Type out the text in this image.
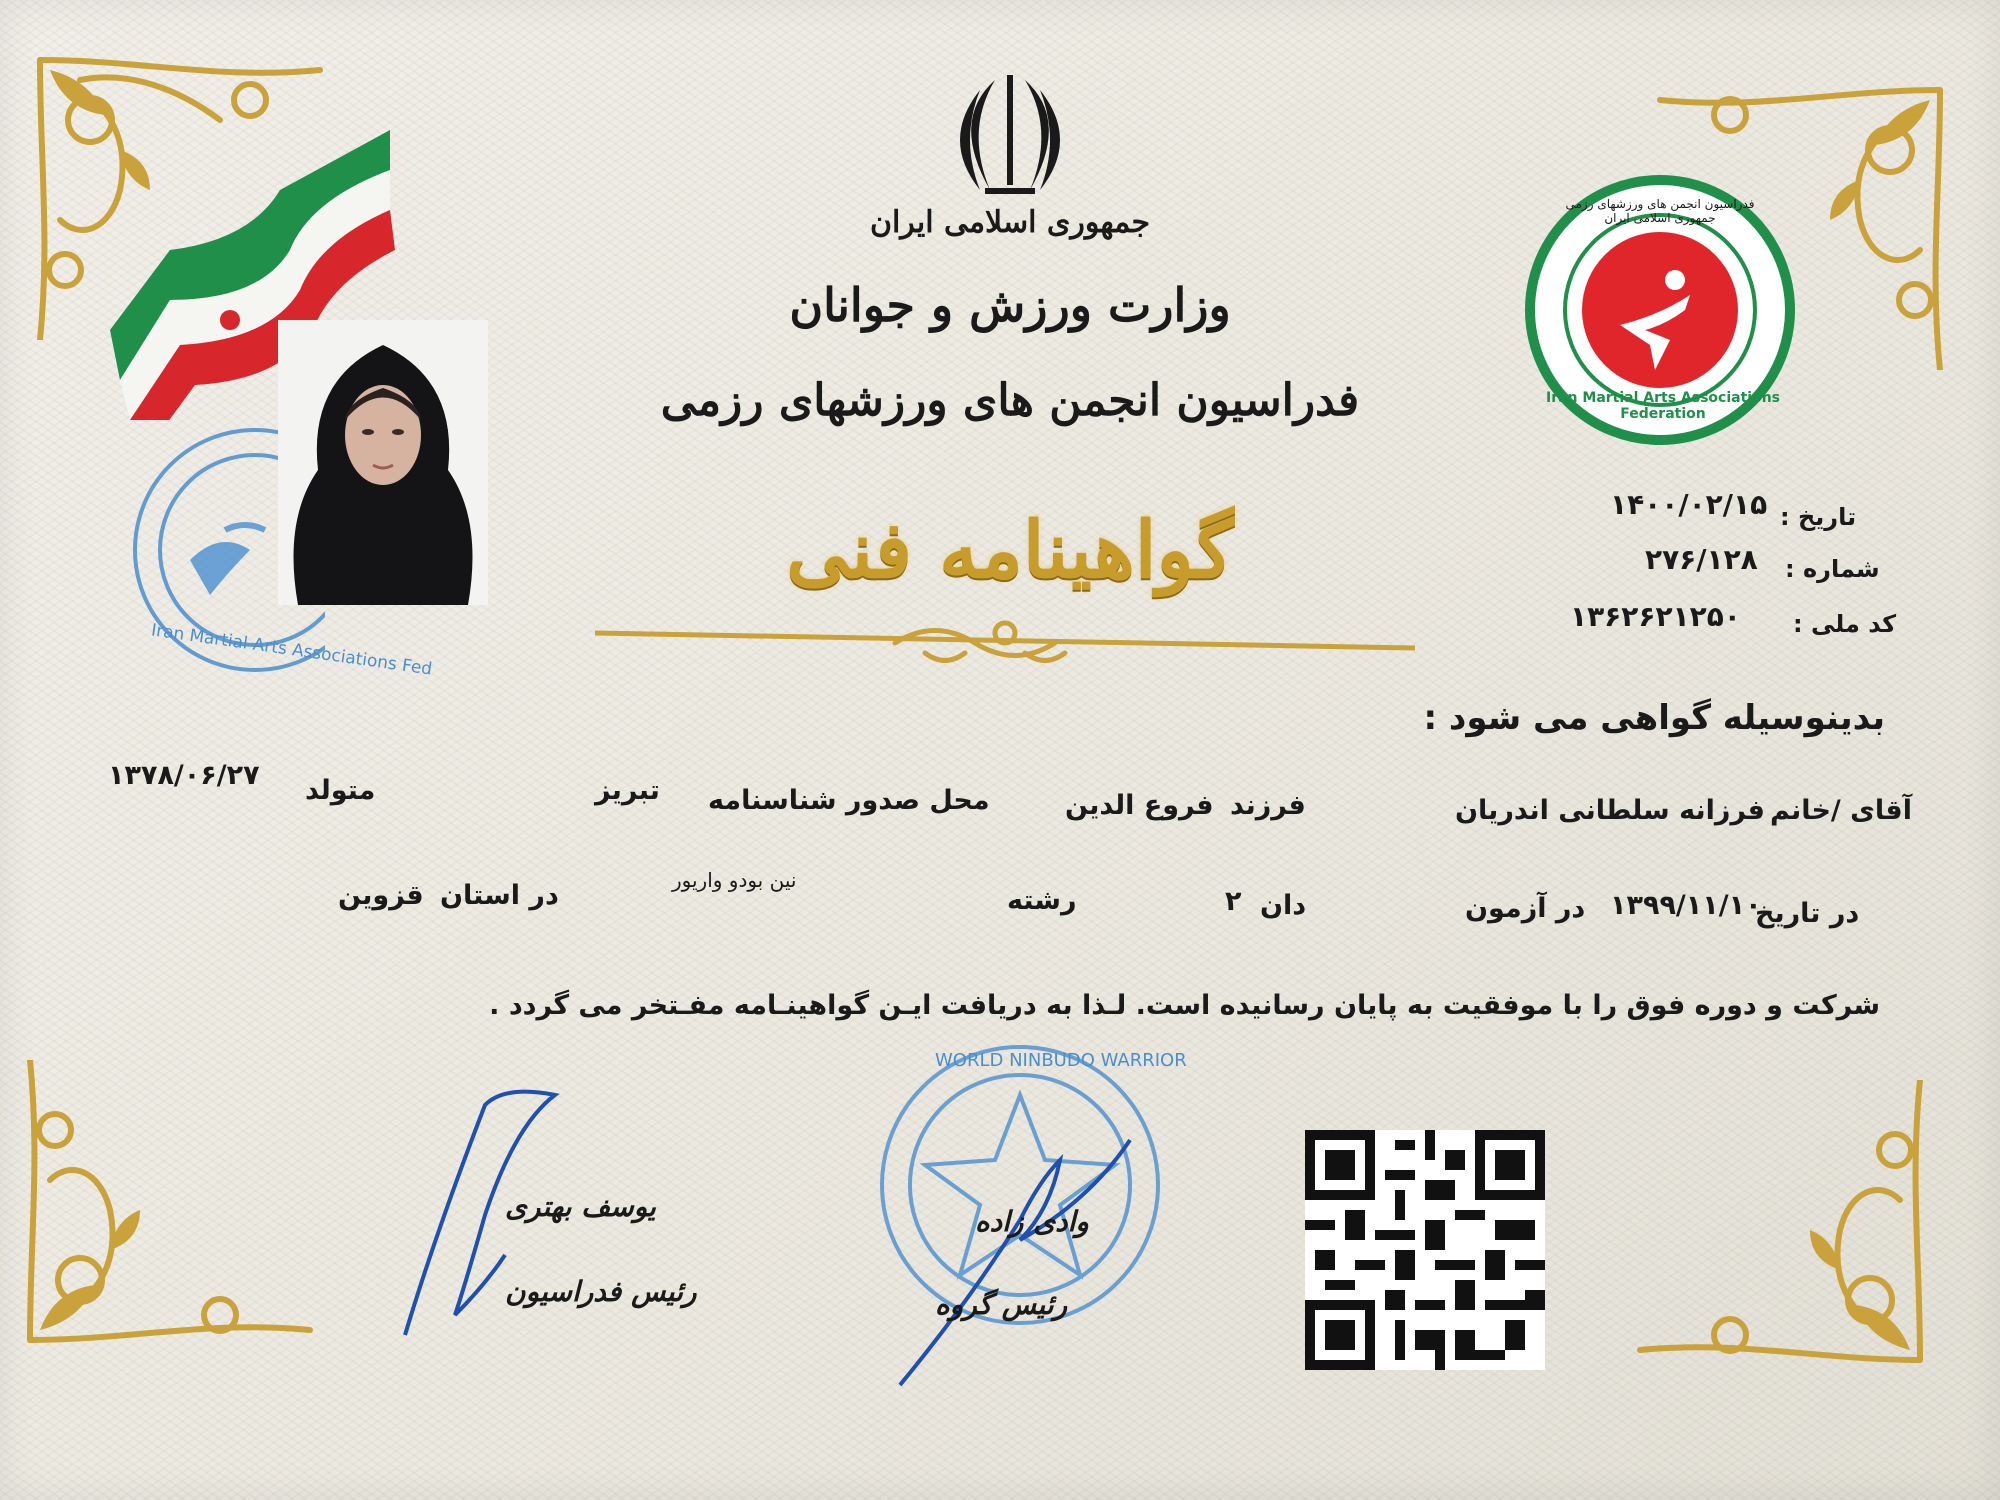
Iran Martial Arts Associations Fed
جمهوری اسلامی ایران
وزارت ورزش و جوانان
فدراسیون انجمن های ورزشهای رزمی	Iran Martial Arts Associations Federation
فدراسیون انجمن های ورزشهای رزمی جمهوری اسلامی ایران
تاریخ :
۱۴۰۰/۰۲/۱۵
شماره :
۲۷۶/۱۲۸
کد ملی :
۱۳۶۲۶۲۱۲۵۰
گواهینامه فنی
بدینوسیله گواهی می شود :
آقای /خانم
فرزانه سلطانی اندریان
فرزند
فروع الدین
محل صدور شناسنامه
تبریز
متولد
۱۳۷۸/۰۶/۲۷
در تاریخ
۱۳۹۹/۱۱/۱۰
در آزمون
دان
۲
رشته
نین بودو واریور
در استان
قزوین
شرکت و دوره فوق را با موفقیت به پایان رسانیده است. لـذا به دریافت ایـن گواهینـامه مفـتخر می گردد .
یوسف بهتری
رئیس فدراسیون
WORLD NINBUDO WARRIOR
وادی زاده
رئیس گروه
